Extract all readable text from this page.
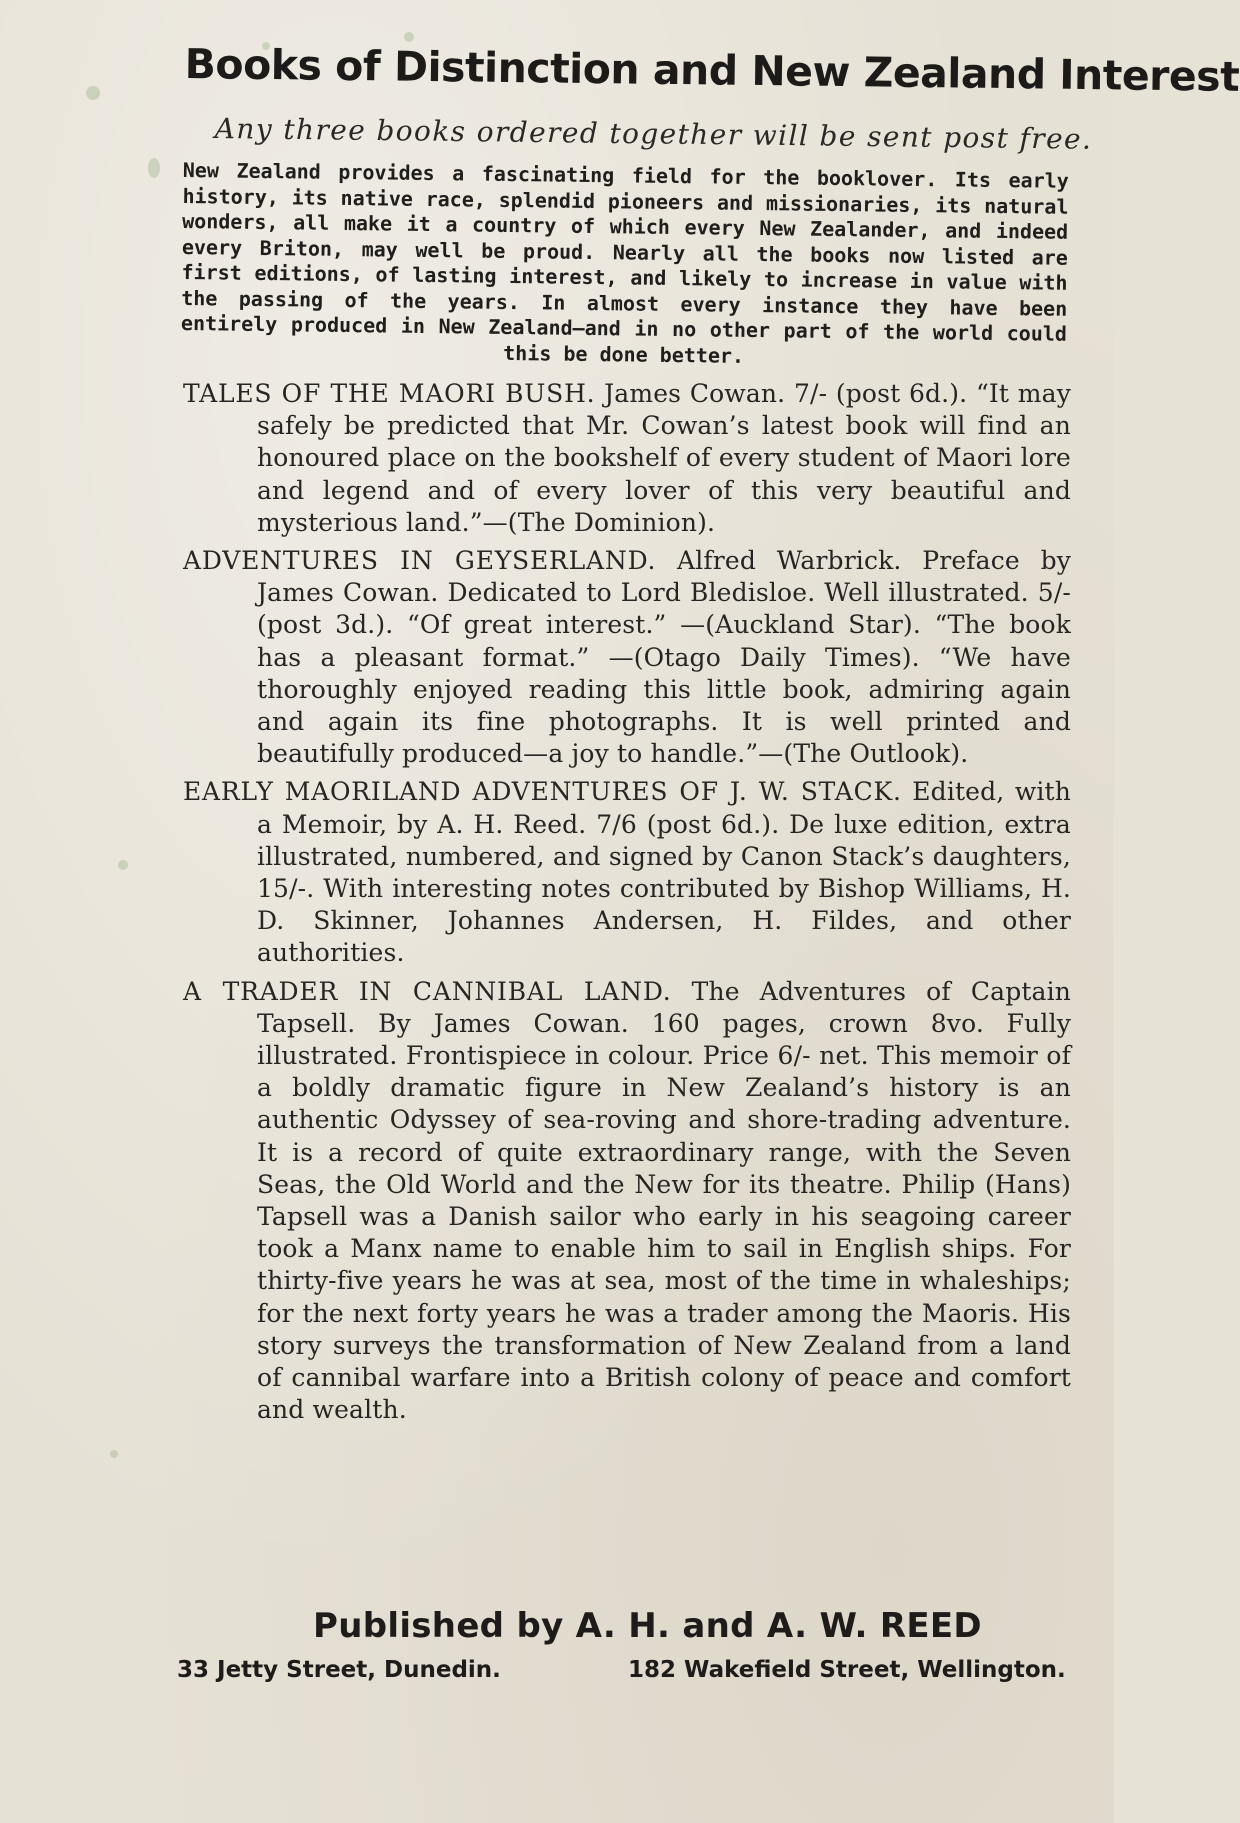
Books of Distinction and New Zealand Interest

Any three books ordered together will be sent post free.

New Zealand provides a fascinating field for the booklover. Its early history, its native race, splendid pioneers and missionaries, its natural wonders, all make it a country of which every New Zealander, and indeed every Briton, may well be proud. Nearly all the books now listed are first editions, of lasting interest, and likely to increase in value with the passing of the years. In almost every instance they have been entirely produced in New Zealand—and in no other part of the world could this be done better.

TALES OF THE MAORI BUSH. James Cowan. 7/- (post 6d.). “It may safely be predicted that Mr. Cowan’s latest book will find an honoured place on the bookshelf of every student of Maori lore and legend and of every lover of this very beautiful and mysterious land.”—(The Dominion).
ADVENTURES IN GEYSERLAND. Alfred Warbrick. Preface by James Cowan. Dedicated to Lord Bledisloe. Well illustrated. 5/- (post 3d.). “Of great interest.” —(Auckland Star). “The book has a pleasant format.” —(Otago Daily Times). “We have thoroughly enjoyed reading this little book, admiring again and again its fine photographs. It is well printed and beautifully produced—a joy to handle.”—(The Outlook).
EARLY MAORILAND ADVENTURES OF J. W. STACK. Edited, with a Memoir, by A. H. Reed. 7/6 (post 6d.). De luxe edition, extra illustrated, numbered, and signed by Canon Stack’s daughters, 15/-. With interesting notes contributed by Bishop Williams, H. D. Skinner, Johannes Andersen, H. Fildes, and other authorities.
A TRADER IN CANNIBAL LAND. The Adventures of Captain Tapsell. By James Cowan. 160 pages, crown 8vo. Fully illustrated. Frontispiece in colour. Price 6/- net. This memoir of a boldly dramatic figure in New Zealand’s history is an authentic Odyssey of sea-roving and shore-trading adventure. It is a record of quite extraordinary range, with the Seven Seas, the Old World and the New for its theatre. Philip (Hans) Tapsell was a Danish sailor who early in his seagoing career took a Manx name to enable him to sail in English ships. For thirty-five years he was at sea, most of the time in whaleships; for the next forty years he was a trader among the Maoris. His story surveys the transformation of New Zealand from a land of cannibal warfare into a British colony of peace and comfort and wealth.

Published by A. H. and A. W. REED

33 Jetty Street, Dunedin.	182 Wakefield Street, Wellington.
